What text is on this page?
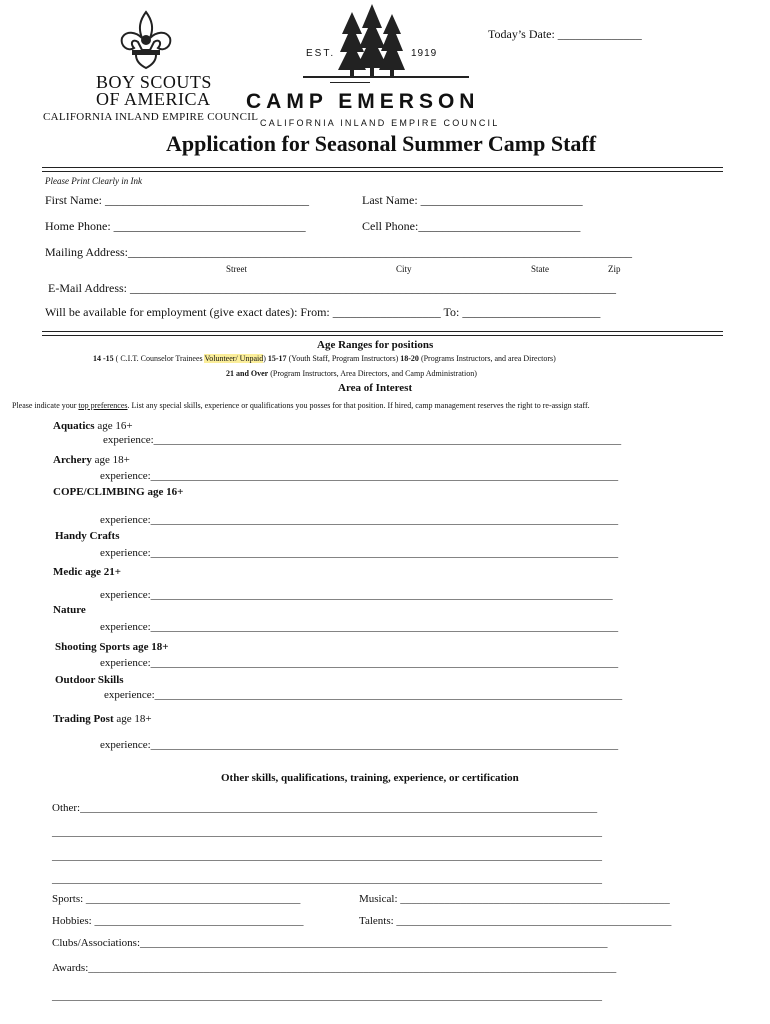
Today’s Date: ______________
BOY SCOUTS
OF AMERICA
CALIFORNIA INLAND EMPIRE COUNCIL
EST.	1919
CAMP EMERSON
CALIFORNIA INLAND EMPIRE COUNCIL
Application for Seasonal Summer Camp Staff
Please Print Clearly in Ink
First Name: __________________________________	Last Name: ___________________________
Home Phone: ________________________________	Cell Phone:___________________________
Mailing Address:____________________________________________________________________________________
Street	City	State	Zip
E-Mail Address: _________________________________________________________________________________
Will be available for employment (give exact dates): From: __________________ To: _______________________
Age Ranges for positions
14 -15 ( C.I.T. Counselor Trainees Volunteer/ Unpaid) 15-17 (Youth Staff, Program Instructors) 18-20 (Programs Instructors, and area Directors)
21 and Over (Program Instructors, Area Directors, and Camp Administration)
Area of Interest
Please indicate your top preferences. List any special skills, experience or qualifications you posses for that position. If hired, camp management reserves the right to re-assign staff.
Aquatics age 16+
experience:_____________________________________________________________________________________
Archery age 18+
experience:_____________________________________________________________________________________
COPE/CLIMBING age 16+
experience:_____________________________________________________________________________________
Handy Crafts
experience:_____________________________________________________________________________________
Medic age 21+
experience:____________________________________________________________________________________
Nature
experience:_____________________________________________________________________________________
Shooting Sports age 18+
experience:_____________________________________________________________________________________
Outdoor Skills
experience:_____________________________________________________________________________________
Trading Post age 18+
experience:_____________________________________________________________________________________
Other skills, qualifications, training, experience, or certification
Other:______________________________________________________________________________________________
____________________________________________________________________________________________________
____________________________________________________________________________________________________
____________________________________________________________________________________________________
Sports: _______________________________________	Musical: _________________________________________________
Hobbies: ______________________________________	Talents: __________________________________________________
Clubs/Associations:_____________________________________________________________________________________
Awards:________________________________________________________________________________________________
____________________________________________________________________________________________________
